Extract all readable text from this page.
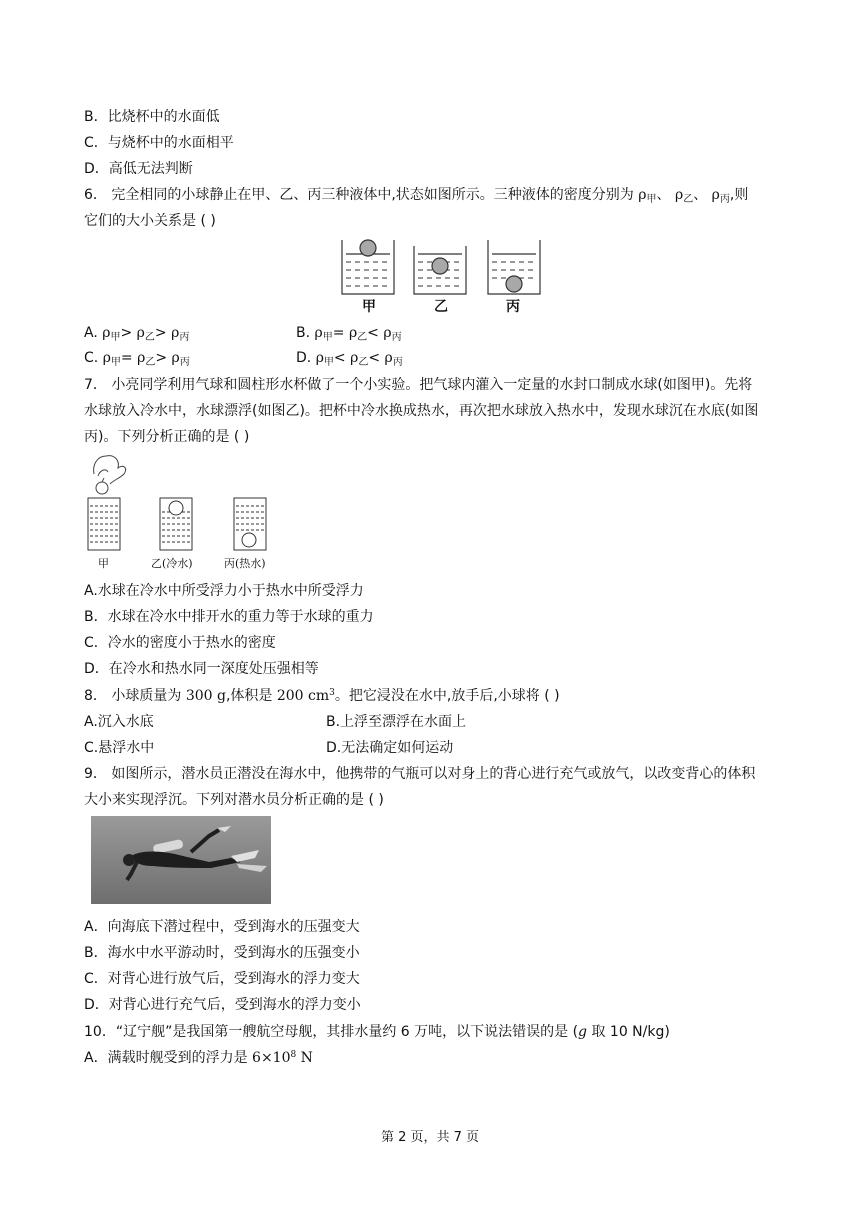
B．比烧杯中的水面低
C．与烧杯中的水面相平
D．高低无法判断
6． 完全相同的小球静止在甲、乙、丙三种液体中,状态如图所示。三种液体的密度分别为 $\rho_甲$、 $\rho_乙$、 $\rho_丙$,则
它们的大小关系是 ( )
甲	乙	丙
A. $\rho_甲> \rho_乙> \rho_丙$	B. $\rho_甲= \rho_乙< \rho_丙$
C. $\rho_甲= \rho_乙> \rho_丙$	D. $\rho_甲< \rho_乙< \rho_丙$
7． 小亮同学利用气球和圆柱形水杯做了一个小实验。把气球内灌入一定量的水封口制成水球(如图甲)。先将
水球放入冷水中，水球漂浮(如图乙)。把杯中冷水换成热水，再次把水球放入热水中，发现水球沉在水底(如图
丙)。下列分析正确的是 ( )
甲	乙(冷水)	丙(热水)
A.水球在冷水中所受浮力小于热水中所受浮力
B．水球在冷水中排开水的重力等于水球的重力
C．冷水的密度小于热水的密度
D．在冷水和热水同一深度处压强相等
8． 小球质量为 300 g,体积是 200 $cm^3$。把它浸没在水中,放手后,小球将 ( )
A.沉入水底	B.上浮至漂浮在水面上
C.悬浮水中	D.无法确定如何运动
9． 如图所示，潜水员正潜没在海水中，他携带的气瓶可以对身上的背心进行充气或放气，以改变背心的体积
大小来实现浮沉。下列对潜水员分析正确的是 ( )
A．向海底下潜过程中，受到海水的压强变大
B．海水中水平游动时，受到海水的压强变小
C．对背心进行放气后，受到海水的浮力变大
D．对背心进行充气后，受到海水的浮力变小
10．“辽宁舰”是我国第一艘航空母舰，其排水量约 6 万吨，以下说法错误的是 (g 取 10 N/kg)
A．满载时舰受到的浮力是 $6\times 10^8$ N
第 2 页，共 7 页
